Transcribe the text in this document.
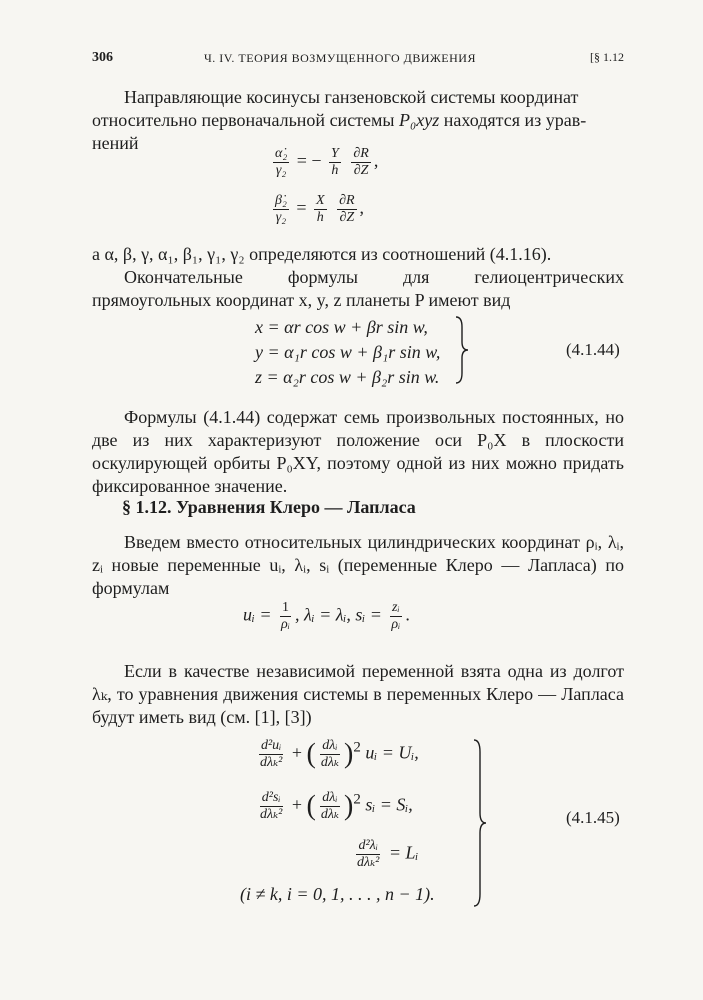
306	Ч. IV. ТЕОРИЯ ВОЗМУЩЕННОГО ДВИЖЕНИЯ	[§ 1.12

Направляющие косинусы ганзеновской системы координат

относительно первоначальной системы P₀xyz находятся из урав-

нений

$\frac{\text{α̇₂}}{\text{γ₂}}$ = − $\frac{Y}{h}$
$\frac{\partial R}{\partial Z}$ ,
$\frac{\text{β̇₂}}{\text{γ₂}} = \frac{X}{h}$
$\frac{\partial R}{\partial Z}$ ,

а α, β, γ, α₁, β₁, γ₁, γ₂ определяются из соотношений (4.1.16).

Окончательные формулы для гелиоцентрических прямоугольных координат x, y, z планеты P имеют вид

x = αr cos w + βr sin w,
y = α₁r cos w + β₁r sin w,
z = α₂r cos w + β₂r sin w.
(4.1.44)

Формулы (4.1.44) содержат семь произвольных постоянных, но две из них характеризуют положение оси P₀X в плоскости оскулирующей орбиты P₀XY, поэтому одной из них можно придать фиксированное значение.

§ 1.12. Уравнения Клеро — Лапласа

Введем вместо относительных цилиндрических координат ρᵢ, λᵢ, zᵢ новые переменные uᵢ, λᵢ, sᵢ (переменные Клеро — Лапласа) по формулам

uᵢ = $\frac{1}{\text{ρᵢ}}$ , λᵢ = λᵢ, sᵢ = $\frac{\text{zᵢ}}{\text{ρᵢ}}$ .

Если в качестве независимой переменной взята одна из долгот λₖ, то уравнения движения системы в переменных Клеро — Лапласа будут иметь вид (см. [1], [3])

d²uᵢ
dλₖ² + ( dλᵢ
dλₖ )$^2$ uᵢ = Uᵢ,
d²sᵢ
dλₖ² + ( dλᵢ
dλₖ )$^2$ sᵢ = Sᵢ,
d²λᵢ
dλₖ² = Lᵢ
(i ≠ k, i = 0, 1, . . . , n − 1).
(4.1.45)
